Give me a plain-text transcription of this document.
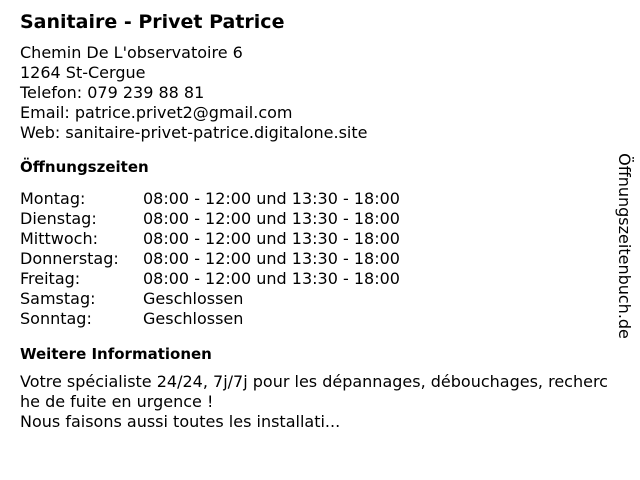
Sanitaire - Privet Patrice
Chemin De L'observatoire 6
1264 St-Cergue
Telefon: 079 239 88 81
Email: patrice.privet2@gmail.com
Web: sanitaire-privet-patrice.digitalone.site
Öffnungszeiten
Montag:	08:00 - 12:00 und 13:30 - 18:00
Dienstag:	08:00 - 12:00 und 13:30 - 18:00
Mittwoch:	08:00 - 12:00 und 13:30 - 18:00
Donnerstag:	08:00 - 12:00 und 13:30 - 18:00
Freitag:	08:00 - 12:00 und 13:30 - 18:00
Samstag:	Geschlossen
Sonntag:	Geschlossen
Weitere Informationen

Votre spécialiste 24/24, 7j/7j pour les dépannages, débouchages, recherche de fuite en urgence !

Nous faisons aussi toutes les installati...

Öffnungszeitenbuch.de
